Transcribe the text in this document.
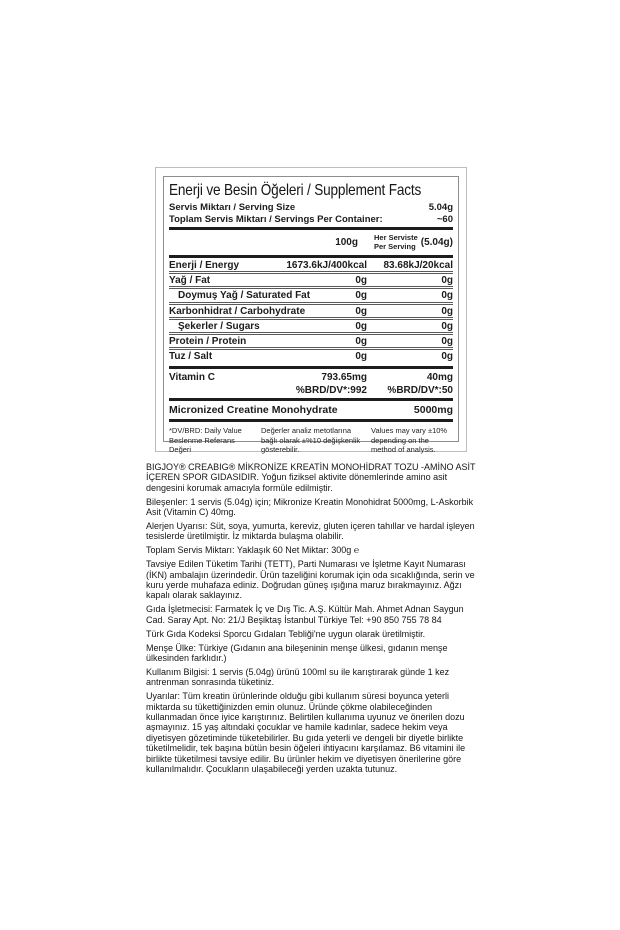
Enerji ve Besin Öğeleri / Supplement Facts
Servis Miktarı / Serving Size	5.04g
Toplam Servis Miktarı / Servings Per Container:	~60
100g Her Serviste
Per Serving (5.04g)
Enerji / Energy	1673.6kJ/400kcal 83.68kJ/20kcal
Yağ / Fat	0g	0g
Doymuş Yağ / Saturated Fat	0g	0g
Karbonhidrat / Carbohydrate	0g	0g
Şekerler / Sugars	0g	0g
Protein / Protein	0g	0g
Tuz / Salt	0g	0g
Vitamin C	793.65mg	40mg
%BRD/DV*:992 %BRD/DV*:50
Micronized Creatine Monohydrate	5000mg
*DV/BRD: Daily Value Beslenme Referans Değeri
Değerler analiz metotlarına bağlı olarak ±%10 değişkenlik gösterebilir.
Values may vary ±10% depending on the method of analysis.

BIGJOY® CREABIG® MİKRONİZE KREATİN MONOHİDRAT TOZU -AMİNO ASİT İÇEREN SPOR GIDASIDIR. Yoğun fiziksel aktivite dönemlerinde amino asit dengesini korumak amacıyla formüle edilmiştir.

Bileşenler: 1 servis (5.04g) için; Mikronize Kreatin Monohidrat 5000mg, L-Askorbik Asit (Vitamin C) 40mg.

Alerjen Uyarısı: Süt, soya, yumurta, kereviz, gluten içeren tahıllar ve hardal işleyen tesislerde üretilmiştir. İz miktarda bulaşma olabilir.

Toplam Servis Miktarı: Yaklaşık 60 Net Miktar: 300g ℮

Tavsiye Edilen Tüketim Tarihi (TETT), Parti Numarası ve İşletme Kayıt Numarası (İKN) ambalajın üzerindedir. Ürün tazeliğini korumak için oda sıcaklığında, serin ve kuru yerde muhafaza ediniz. Doğrudan güneş ışığına maruz bırakmayınız. Ağzı kapalı olarak saklayınız.

Gıda İşletmecisi: Farmatek İç ve Dış Tic. A.Ş. Kültür Mah. Ahmet Adnan Saygun Cad. Saray Apt. No: 21/J Beşiktaş İstanbul Türkiye Tel: +90 850 755 78 84

Türk Gıda Kodeksi Sporcu Gıdaları Tebliği'ne uygun olarak üretilmiştir.

Menşe Ülke: Türkiye (Gıdanın ana bileşeninin menşe ülkesi, gıdanın menşe ülkesinden farklıdır.)

Kullanım Bilgisi: 1 servis (5.04g) ürünü 100ml su ile karıştırarak günde 1 kez antrenman sonrasında tüketiniz.

Uyarılar: Tüm kreatin ürünlerinde olduğu gibi kullanım süresi boyunca yeterli miktarda su tükettiğinizden emin olunuz. Üründe çökme olabileceğinden kullanmadan önce iyice karıştırınız. Belirtilen kullanıma uyunuz ve önerilen dozu aşmayınız. 15 yaş altındaki çocuklar ve hamile kadınlar, sadece hekim veya diyetisyen gözetiminde tüketebilirler. Bu gıda yeterli ve dengeli bir diyetle birlikte tüketilmelidir, tek başına bütün besin öğeleri ihtiyacını karşılamaz. B6 vitamini ile birlikte tüketilmesi tavsiye edilir. Bu ürünler hekim ve diyetisyen önerilerine göre kullanılmalıdır. Çocukların ulaşabileceği yerden uzakta tutunuz.
